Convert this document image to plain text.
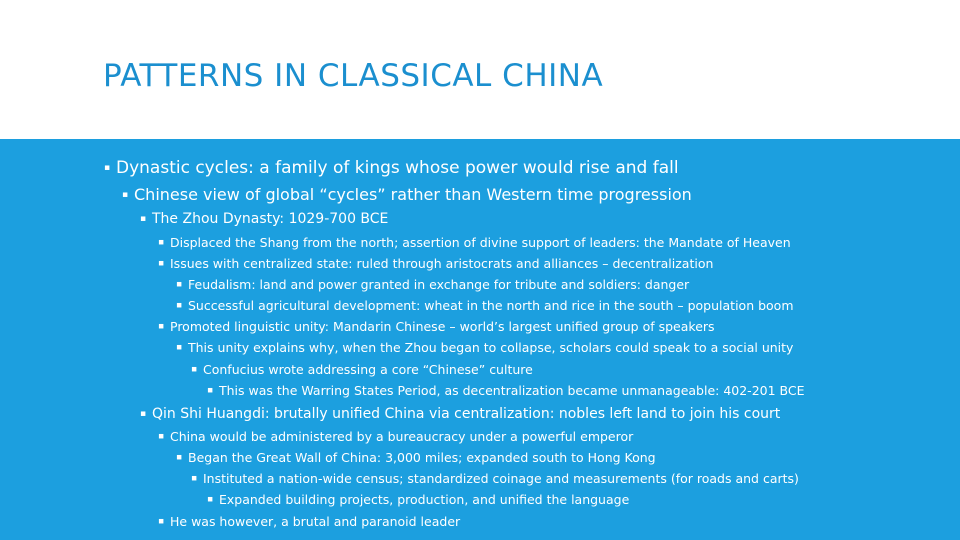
PATTERNS IN CLASSICAL CHINA
▪ Dynastic cycles: a family of kings whose power would rise and fall
▪ Chinese view of global “cycles” rather than Western time progression
▪ The Zhou Dynasty: 1029-700 BCE
▪ Displaced the Shang from the north; assertion of divine support of leaders: the Mandate of Heaven
▪ Issues with centralized state: ruled through aristocrats and alliances – decentralization
▪ Feudalism: land and power granted in exchange for tribute and soldiers: danger
▪ Successful agricultural development: wheat in the north and rice in the south – population boom
▪ Promoted linguistic unity: Mandarin Chinese – world’s largest unified group of speakers
▪ This unity explains why, when the Zhou began to collapse, scholars could speak to a social unity
▪ Confucius wrote addressing a core “Chinese” culture
▪ This was the Warring States Period, as decentralization became unmanageable: 402-201 BCE
▪ Qin Shi Huangdi: brutally unified China via centralization: nobles left land to join his court
▪ China would be administered by a bureaucracy under a powerful emperor
▪ Began the Great Wall of China: 3,000 miles; expanded south to Hong Kong
▪ Instituted a nation-wide census; standardized coinage and measurements (for roads and carts)
▪ Expanded building projects, production, and unified the language
▪ He was however, a brutal and paranoid leader
